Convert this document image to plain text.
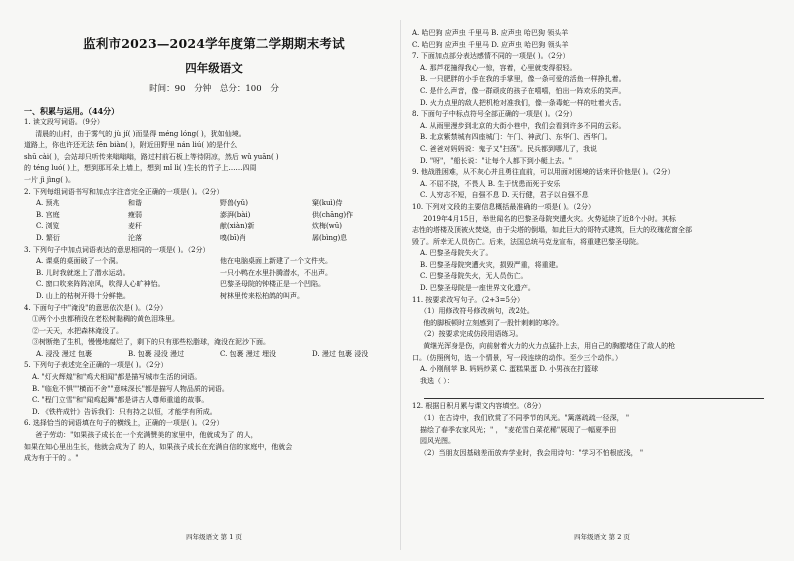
监利市2023—2024学年度第二学期期末考试
四年级语文
时间：90 分钟 总分：100 分
一、积累与运用。（44分）
1. 读文段写词语。（9分）
清晨的山村，由于雾气的 jù jí( )而显得 méng lóng( )，犹如仙境。
道路上，你也许还无法 fēn biàn( )，附近田野里 nán liú( )的是什么
shū cài( )，会站却只听传来嗡嗡嗡，路过村前石板上等待阴凉，然后 wǔ yuān( )
的 téng luó( )上，想到那耳朵上墙上，想到 mǐ lì( )生长的竹子上……四周
一片 jì jìng( )。
2. 下列每组词语书写和加点字注音完全正确的一项是( )。（2分）
A. 预兆	和谐	野兽(yǔ)	窠(kuì)侍
B. 宫庭	瘦弱	澎湃(bài)	供(chāng)作
C. 浏览	麦秆	献(xiàn)新	炊梅(wū)
D. 繁衍	沦落	嗅(bī)肖	孱(bìng)息
3. 下列句子中加点词语表达的意思相同的一项是( )。（2分）
A. 课桌的桌面破了一个洞。	他在电脑桌面上新建了一个文件夹。
B. 儿时我就迷上了潜水运动。	一只小鸭在水里扑腾潜水，不出声。
C. 窗口吹来阵阵凉风，吹得人心旷神怡。	巴黎圣母院的钟楼正是一个凹陷。
D. 山上的枯树开得十分鲜艳。	树林里传来松柏鸽的叫声。
4. 下面句子中"淹没"的意思依次是( )。（2分）
①两个小虫都稍没在老松树黏稠的黄色泪珠里。
②一天天，水把森林淹没了。
③树断绝了生机，慢慢地腐烂了，剩下的只有那些松脂球，淹没在泥沙下面。
A. 浸没 漫过 包裹	B. 包裹 浸没 漫过	C. 包裹 漫过 埋没	D. 漫过 包裹 浸没
5. 下列句子表述完全正确的一项是( )。（2分）
A. "灯火辉煌"和"鸡犬相闻"都是描写城市生活的词语。
B. "临危不惧""横而不舍""意味深长"都是描写人物品质的词语。
C. "程门立雪"和"闻鸡起舞"都是讲古人尊师重道的故事。
D. 《铁杵成针》告诉我们：只有持之以恒，才能学有所成。
6. 选择恰当的词语填在句子的横线上，正确的一项是( )。（2分）
爸子劳动："如果孩子成长在一个充满赞美的家里中，他就成为了 的人，
如果在知心里出生长，他就会成为了 的人，如果孩子成长在充满自信的家庭中，他就会
成为有于干的 。"
四年级语文 第 1 页
A. 哈巴狗 应声虫 千里马 B. 应声虫 哈巴狗 领头羊
C. 哈巴狗 应声虫 千里马 D. 应声虫 哈巴狗 领头羊
7. 下面加点部分表达感情不同的一项是( )。（2分）
A. 那芦花撞得我心一惊，容着，心里就变得很轻。
B. 一只肥胖的小手在我的手掌里，像一条可爱的活鱼一样挣扎着。
C. 是什么声音，像一群顽皮的孩子在嘻嘻，怕出一阵欢乐的笑声。
D. 火力点里的敌人把机枪对准我们，像一条毒蛇一样的吐着火舌。
8. 下面句子中标点符号全部正确的一项是( )。（2分）
A. 从雨里漫步到北京的大街小巷中，我们会看到许多不同的云彩。
B. 北京紫禁城有四座城门：午门、神武门、东华门、西华门。
C. 爸爸对妈妈说：鬼子又"扫荡"。民兵都到哪儿了，我说
D. "呀"，"船长说："让每个人都下到小艇上去。"
9. 他战胜困难，从不灰心并且勇往直前，可以用面对困境的话来评价他是( )。（2分）
A. 不屈不挠，不畏人 B. 生于忧患而死于安乐
C. 人穷志不短，自强不息 D. 天行健，君子以自强不息
10. 下列对文段的主要信息概括最准确的一项是( )。（2分）
2019年4月15日，举世闻名的巴黎圣母院突遭火灾。火势延续了近8个小时。其标
志性的塔楼及顶被火焚烧，由于尖塔的倒塌，如此巨大的哥特式建筑，巨大的玫瑰花窗全部
毁了。所幸无人员伤亡。后来，法国总统马克龙宣布，将重建巴黎圣母院。
A. 巴黎圣母院失火了。
B. 巴黎圣母院突遭火灾，损毁严重，将重建。
C. 巴黎圣母院失火，无人员伤亡。
D. 巴黎圣母院是一座世界文化遗产。
11. 按要求改写句子。（2+3=5分）
（1）用修改符号修改病句，改2处。
他的脚板顿时立刻感到了一股针刺刺的寒冷。
（2）按要求完成仿段用语练习。
黄继光浑身是伤，向前射着火力的火力点猛扑上去，用自己的胸膛堵住了敌人的枪
口。（仿照例句，选一个情景，写一段连续的动作。至少三个动作。）
A. 小刚削苹 B. 妈妈炒菜 C. 蛋糕果蛋 D. 小男孩在打篮球
我选（ ）：
12. 根据日积月累与课文内容填空。（8分）
（1）在古诗中，我们欣赏了不同季节的风光。"篱落疏疏一径深， "
描绘了春季农家风光；" ， "麦花雪白菜花稀"展现了一幅夏季田
园风光图。
（2）当朋友因基础差而放弃学业时，我会用诗句："学习不怕根底浅， "
四年级语文 第 2 页
